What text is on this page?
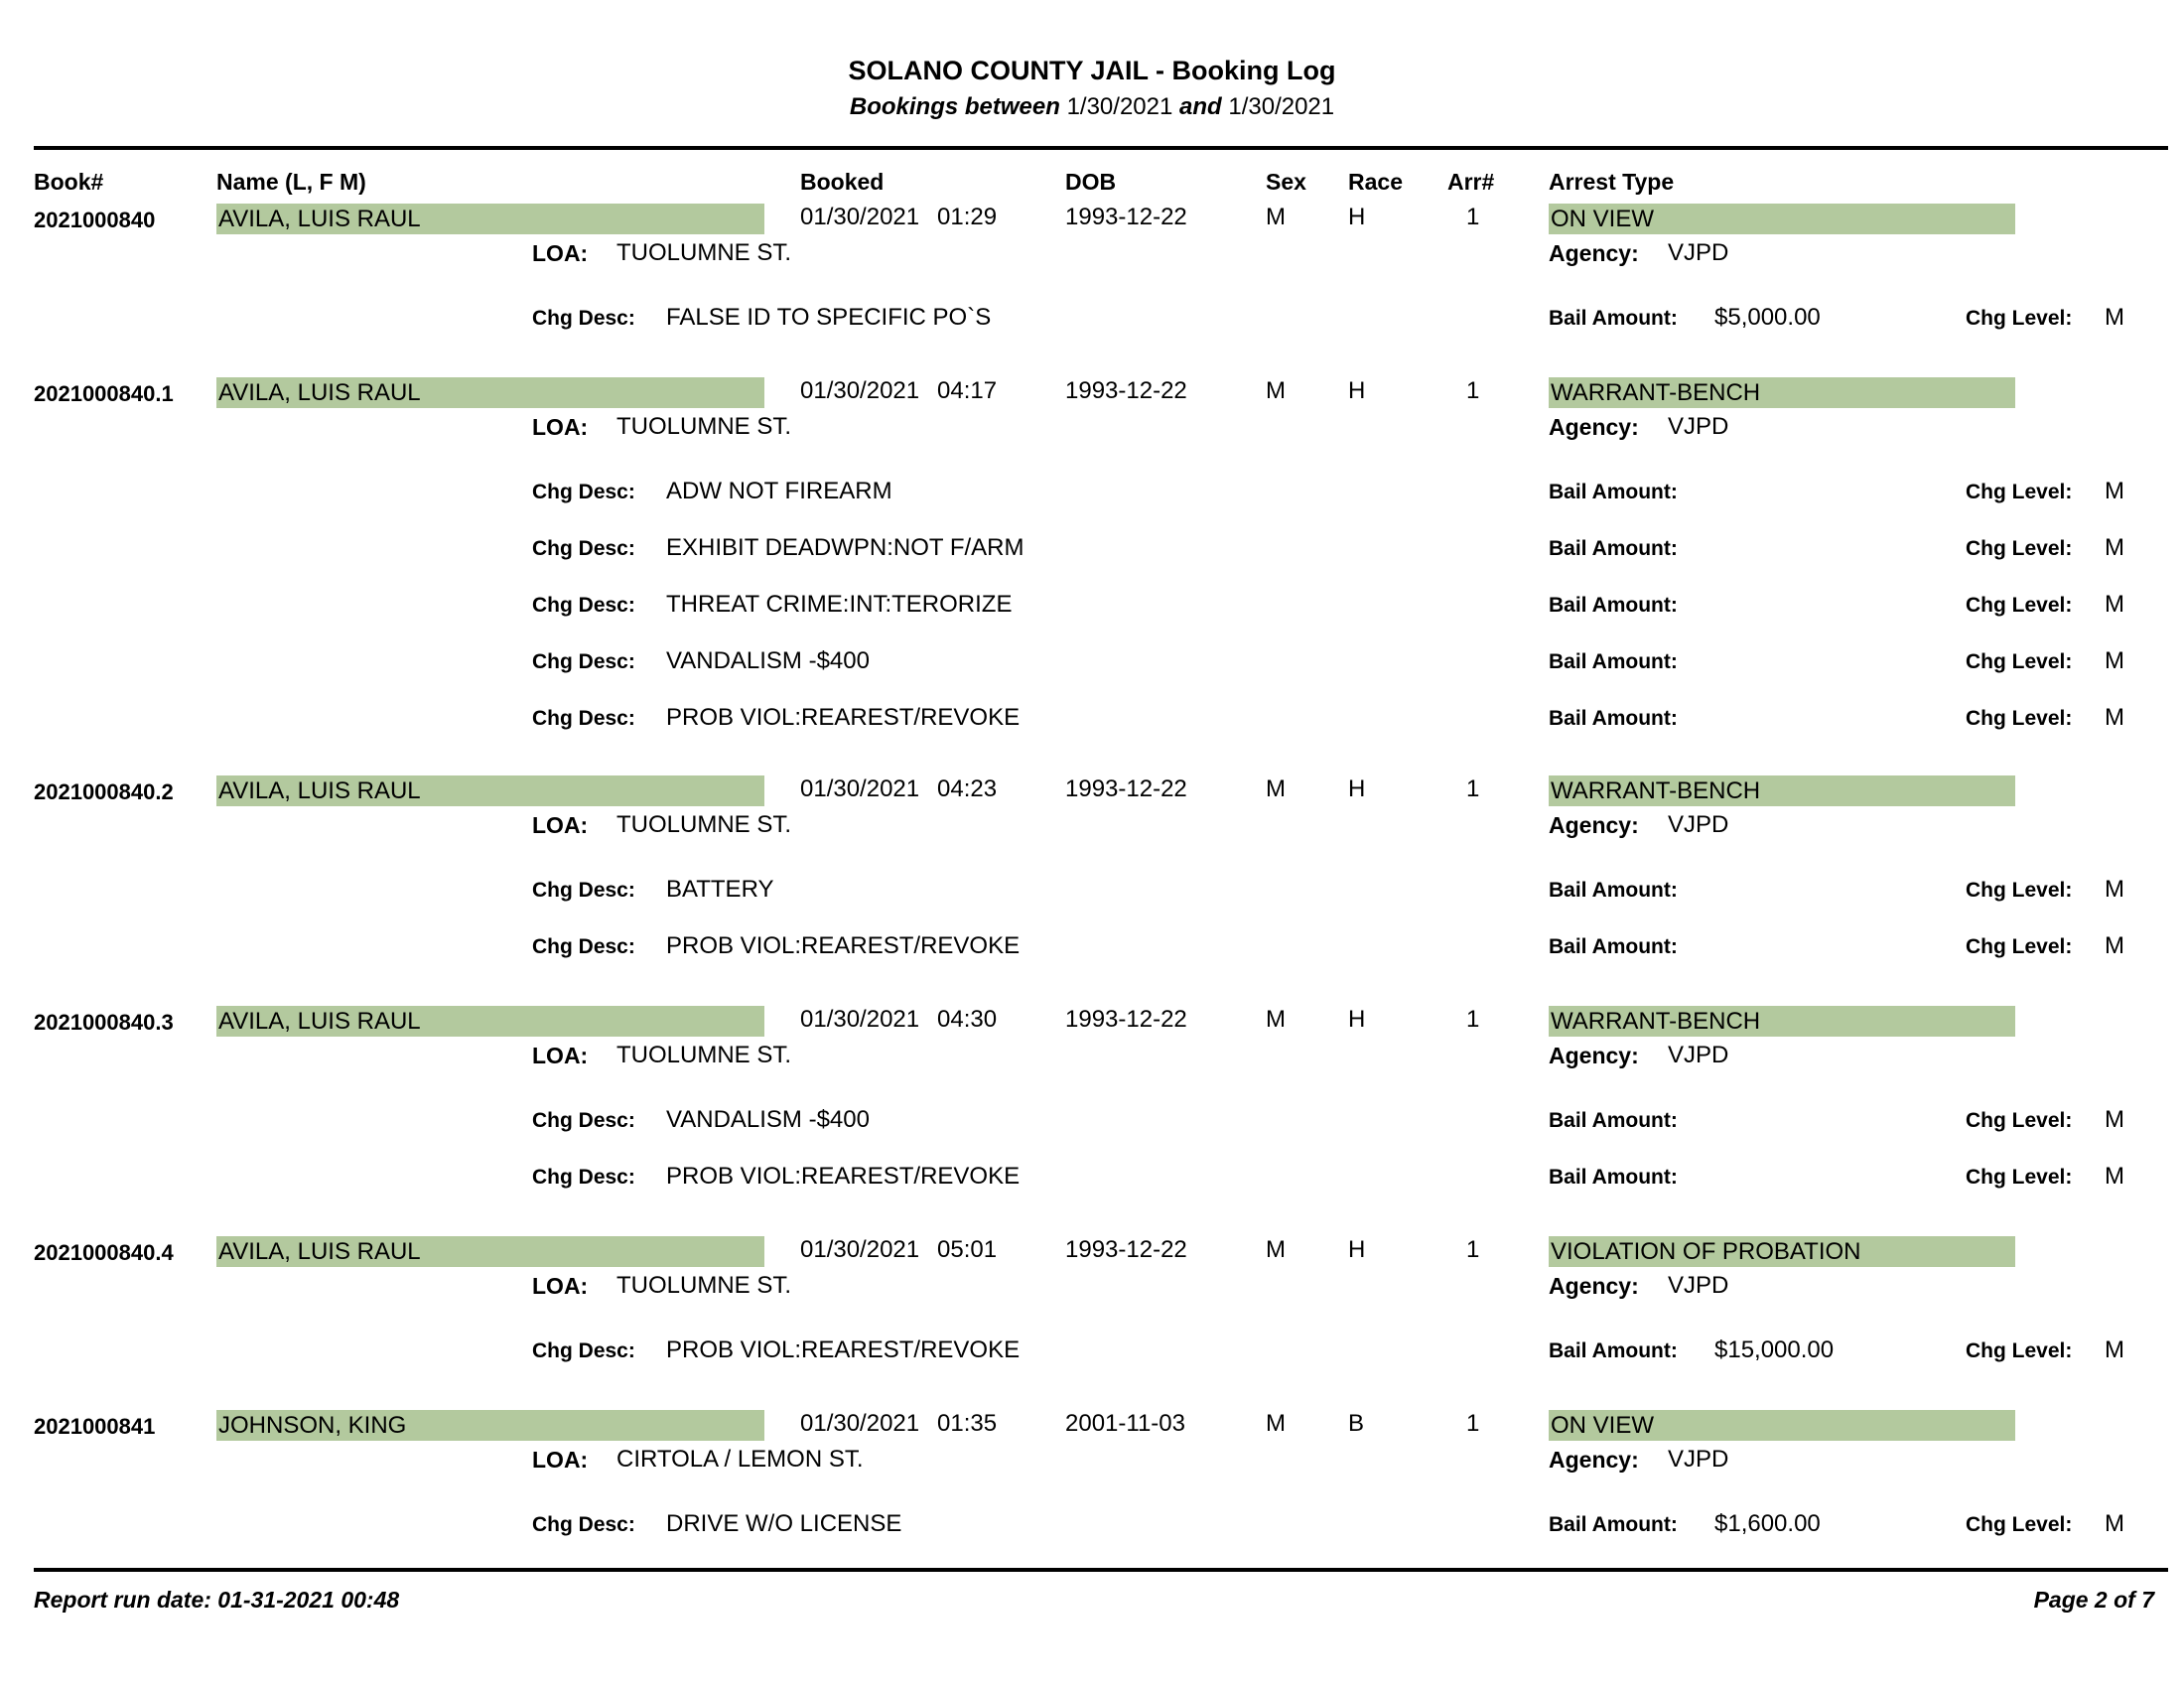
SOLANO COUNTY JAIL - Booking Log
Bookings between 1/30/2021 and 1/30/2021
Book#	Name (L, F M)	Booked	DOB	Sex Race Arr# Arrest Type
2021000840	AVILA, LUIS RAUL	01/30/2021 01:29	1993-12-22	M	H	1	ON VIEW
LOA: TUOLUMNE ST.	Agency: VJPD
Chg Desc: FALSE ID TO SPECIFIC PO`S	Bail Amount: $5,000.00	Chg Level: M
2021000840.1 AVILA, LUIS RAUL	01/30/2021 04:17	1993-12-22	M	H	1	WARRANT-BENCH
LOA: TUOLUMNE ST.	Agency: VJPD
Chg Desc: ADW NOT FIREARM	Bail Amount:	Chg Level: M
Chg Desc: EXHIBIT DEADWPN:NOT F/ARM	Bail Amount:	Chg Level: M
Chg Desc: THREAT CRIME:INT:TERORIZE	Bail Amount:	Chg Level: M
Chg Desc: VANDALISM -$400	Bail Amount:	Chg Level: M
Chg Desc: PROB VIOL:REAREST/REVOKE	Bail Amount:	Chg Level: M
2021000840.2 AVILA, LUIS RAUL	01/30/2021 04:23	1993-12-22	M	H	1	WARRANT-BENCH
LOA: TUOLUMNE ST.	Agency: VJPD
Chg Desc: BATTERY	Bail Amount:	Chg Level: M
Chg Desc: PROB VIOL:REAREST/REVOKE	Bail Amount:	Chg Level: M
2021000840.3 AVILA, LUIS RAUL	01/30/2021 04:30	1993-12-22	M	H	1	WARRANT-BENCH
LOA: TUOLUMNE ST.	Agency: VJPD
Chg Desc: VANDALISM -$400	Bail Amount:	Chg Level: M
Chg Desc: PROB VIOL:REAREST/REVOKE	Bail Amount:	Chg Level: M
2021000840.4 AVILA, LUIS RAUL	01/30/2021 05:01	1993-12-22	M	H	1	VIOLATION OF PROBATION
LOA: TUOLUMNE ST.	Agency: VJPD
Chg Desc: PROB VIOL:REAREST/REVOKE	Bail Amount: $15,000.00	Chg Level: M
2021000841	JOHNSON, KING	01/30/2021 01:35	2001-11-03	M	B	1	ON VIEW
LOA: CIRTOLA / LEMON ST.	Agency: VJPD
Chg Desc: DRIVE W/O LICENSE	Bail Amount: $1,600.00	Chg Level: M
Report run date: 01-31-2021 00:48	Page 2 of 7
